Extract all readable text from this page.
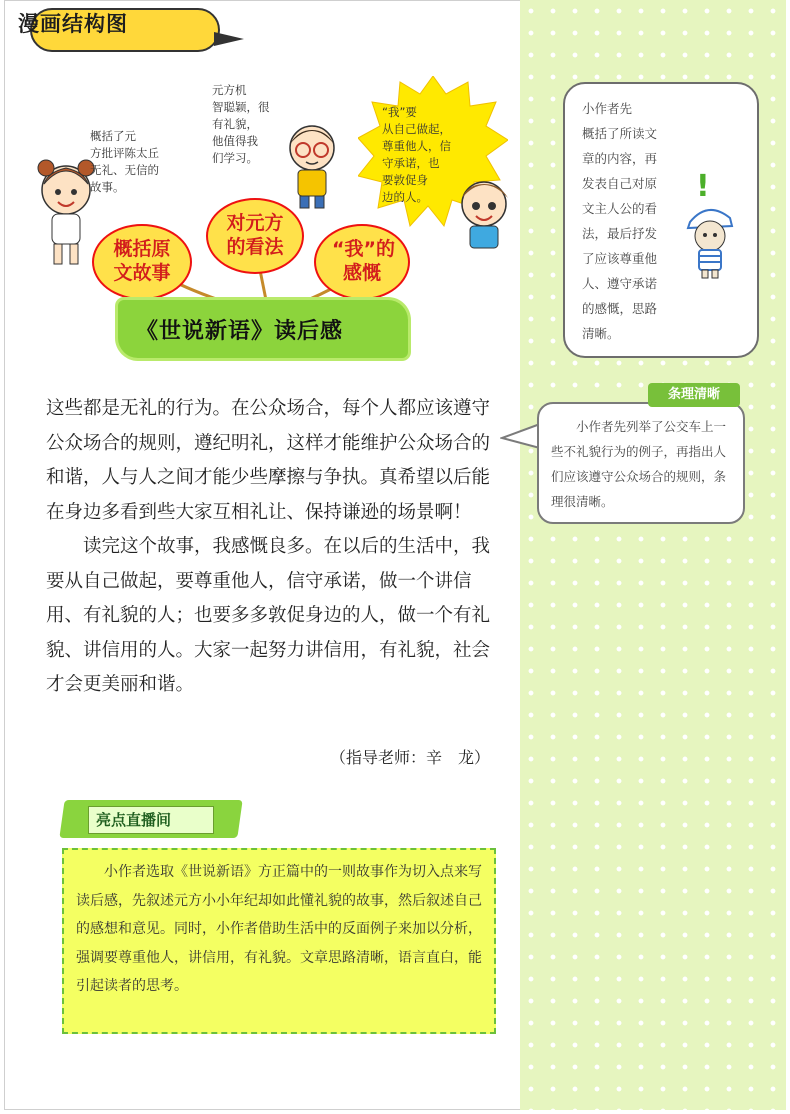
漫画结构图
概括了元
方批评陈太丘
无礼、无信的
故事。
元方机
智聪颖，很
有礼貌，
他值得我
们学习。
“我”要
从自己做起，
尊重他人，信
守承诺，也
要敦促身
边的人。
概括原文故事
对元方的看法	“我”的感慨
《世说新语》读后感
小作者先
概括了所读文
章的内容，再
发表自己对原
文主人公的看
法，最后抒发
了应该尊重他
人、遵守承诺
的感慨，思路
清晰。
!
小作者先列举了公交车上一些不礼貌行为的例子，再指出人们应该遵守公众场合的规则，条理很清晰。
条理清晰

这些都是无礼的行为。在公众场合，每个人都应该遵守公众场合的规则，遵纪明礼，这样才能维护公众场合的和谐，人与人之间才能少些摩擦与争执。真希望以后能在身边多看到些大家互相礼让、保持谦逊的场景啊！

读完这个故事，我感慨良多。在以后的生活中，我要从自己做起，要尊重他人，信守承诺，做一个讲信用、有礼貌的人；也要多多敦促身边的人，做一个有礼貌、讲信用的人。大家一起努力讲信用，有礼貌，社会才会更美丽和谐。

（指导老师：辛　龙）
亮点直播间

小作者选取《世说新语》方正篇中的一则故事作为切入点来写读后感，先叙述元方小小年纪却如此懂礼貌的故事，然后叙述自己的感想和意见。同时，小作者借助生活中的反面例子来加以分析，强调要尊重他人，讲信用，有礼貌。文章思路清晰，语言直白，能引起读者的思考。
